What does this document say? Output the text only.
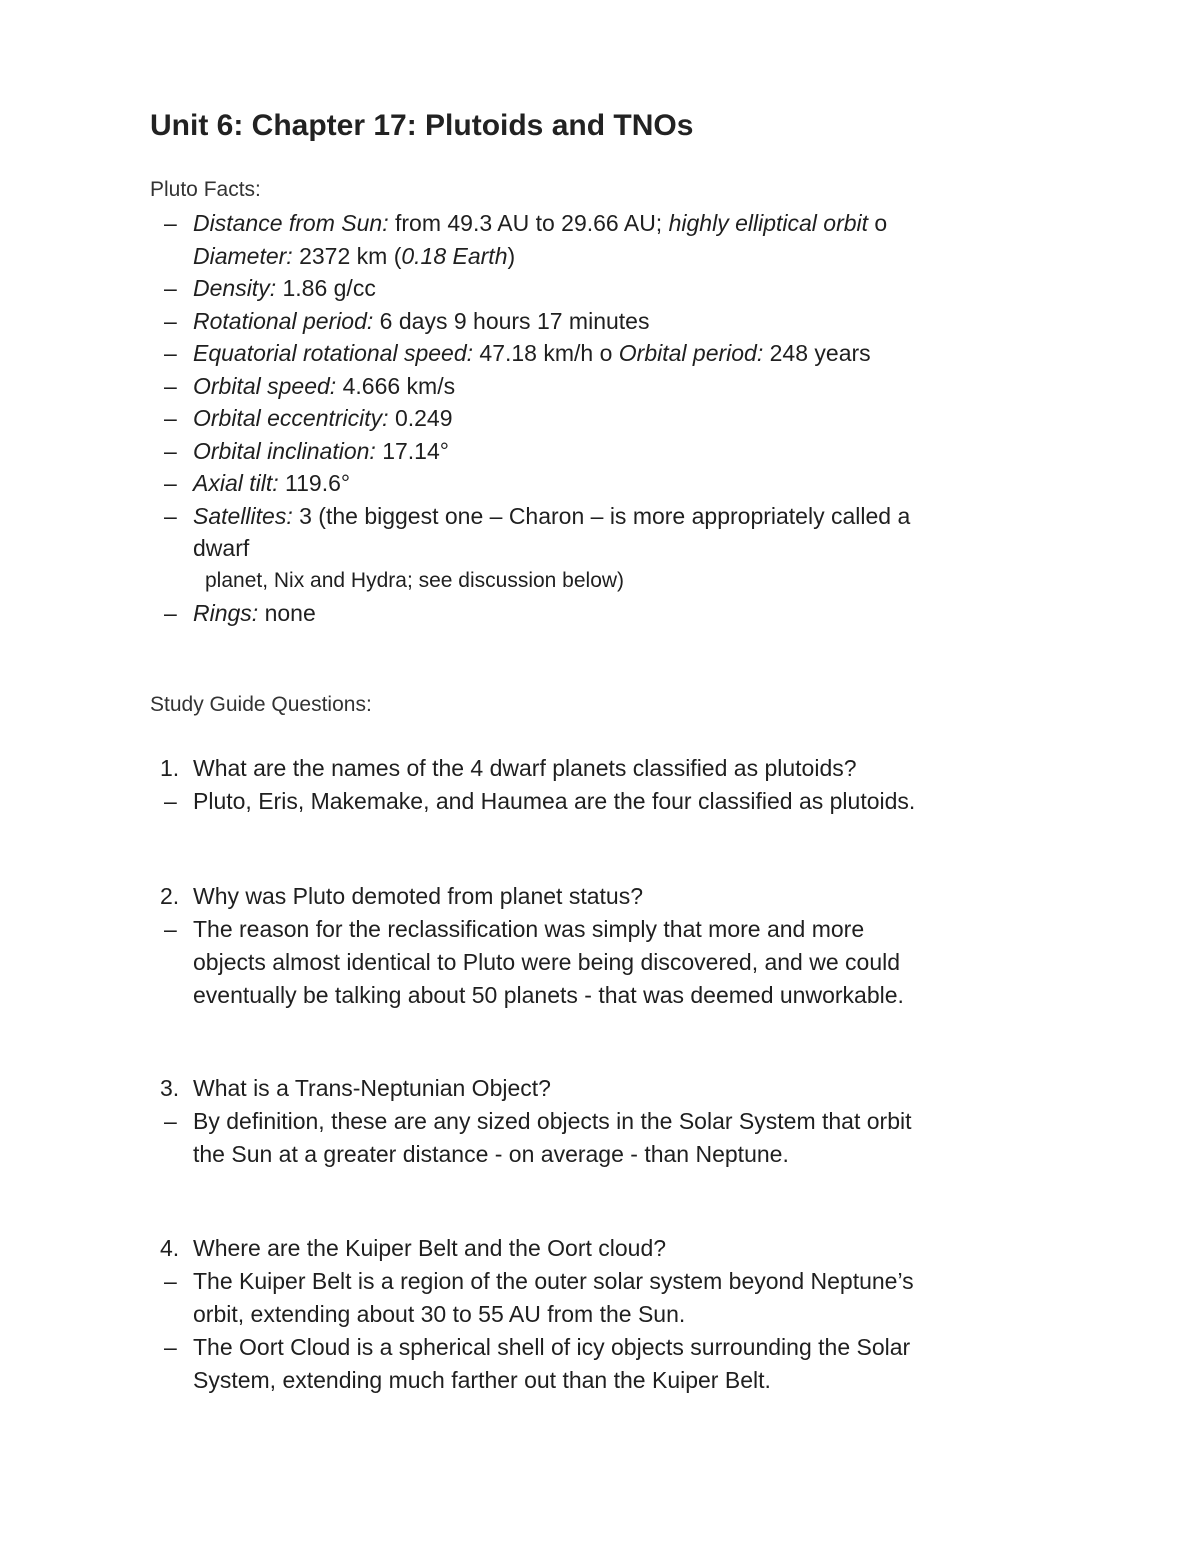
Unit 6: Chapter 17: Plutoids and TNOs
Pluto Facts:
– Distance from Sun: from 49.3 AU to 29.66 AU; highly elliptical orbit o
Diameter: 2372 km (0.18 Earth)
– Density: 1.86 g/cc
– Rotational period: 6 days 9 hours 17 minutes
– Equatorial rotational speed: 47.18 km/h o Orbital period: 248 years
– Orbital speed: 4.666 km/s
– Orbital eccentricity: 0.249
– Orbital inclination: 17.14°
– Axial tilt: 119.6°
– Satellites: 3 (the biggest one – Charon – is more appropriately called a
dwarf
planet, Nix and Hydra; see discussion below)
– Rings: none
Study Guide Questions:
1. What are the names of the 4 dwarf planets classified as plutoids?
– Pluto, Eris, Makemake, and Haumea are the four classified as plutoids.
2. Why was Pluto demoted from planet status?
– The reason for the reclassification was simply that more and more
objects almost identical to Pluto were being discovered, and we could
eventually be talking about 50 planets - that was deemed unworkable.
3. What is a Trans-Neptunian Object?
– By definition, these are any sized objects in the Solar System that orbit
the Sun at a greater distance - on average - than Neptune.
4. Where are the Kuiper Belt and the Oort cloud?
– The Kuiper Belt is a region of the outer solar system beyond Neptune’s
orbit, extending about 30 to 55 AU from the Sun.
– The Oort Cloud is a spherical shell of icy objects surrounding the Solar
System, extending much farther out than the Kuiper Belt.
